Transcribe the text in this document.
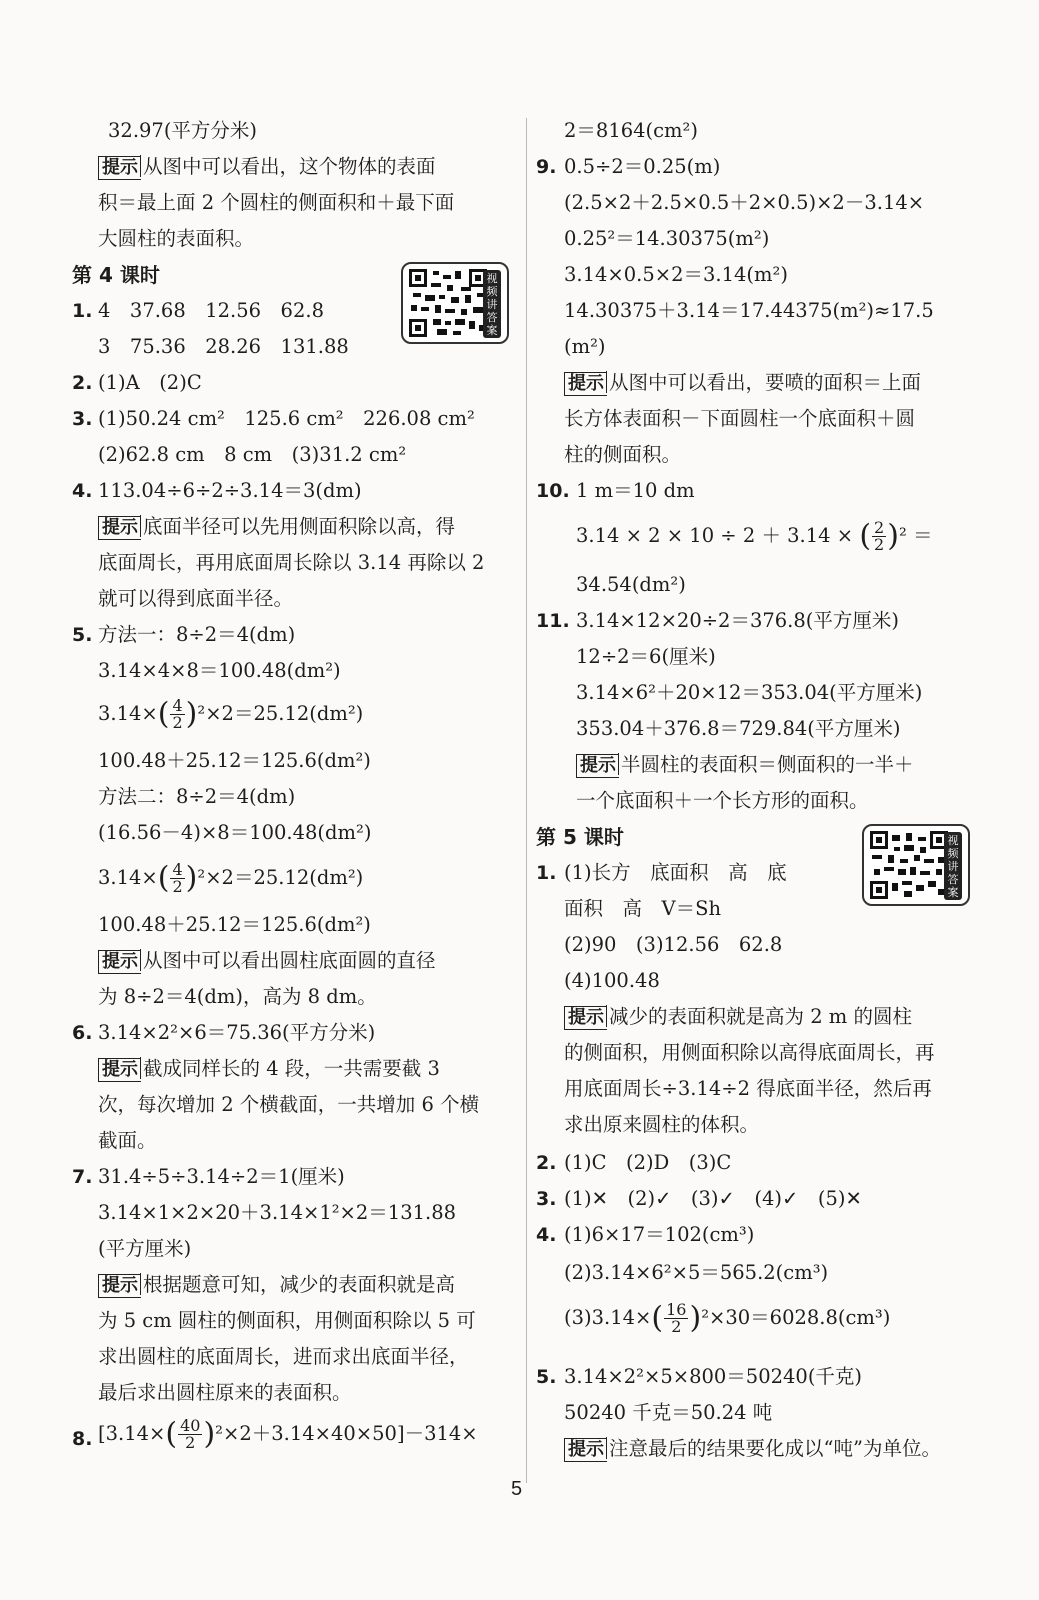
32.97(平方分米)
提示 从图中可以看出，这个物体的表面
积＝最上面 2 个圆柱的侧面积和＋最下面
大圆柱的表面积。
第 4 课时
1. 4　37.68　12.56　62.8
3　75.36　28.26　131.88
2. (1)A　(2)C
3. (1)50.24 cm²　125.6 cm²　226.08 cm²
(2)62.8 cm　8 cm　(3)31.2 cm²
4. 113.04÷6÷2÷3.14＝3(dm)
提示 底面半径可以先用侧面积除以高，得
底面周长，再用底面周长除以 3.14 再除以 2
就可以得到底面半径。
5. 方法一：8÷2＝4(dm)
3.14×4×8＝100.48(dm²)
$3.14\times( \frac{4}{2} )^2\times 2=25.12(dm^2)$
100.48＋25.12＝125.6(dm²)
方法二：8÷2＝4(dm)
(16.56－4)×8＝100.48(dm²)
$3.14\times( \frac{4}{2} )^2\times 2=25.12(dm^2)$
100.48＋25.12＝125.6(dm²)
提示 从图中可以看出圆柱底面圆的直径
为 8÷2＝4(dm)，高为 8 dm。
6. 3.14×2²×6＝75.36(平方分米)
提示 截成同样长的 4 段，一共需要截 3
次，每次增加 2 个横截面，一共增加 6 个横
截面。
7. 31.4÷5÷3.14÷2＝1(厘米)
3.14×1×2×20＋3.14×1²×2＝131.88
(平方厘米)
提示 根据题意可知，减少的表面积就是高
为 5 cm 圆柱的侧面积，用侧面积除以 5 可
求出圆柱的底面周长，进而求出底面半径，
最后求出圆柱原来的表面积。
8. $[3.14\times( \frac{40}{2} )^2\times 2+3.14\times 40\times 50]-314\times$
视频讲答案
2＝8164(cm²)
9. 0.5÷2＝0.25(m)
(2.5×2＋2.5×0.5＋2×0.5)×2－3.14×
0.25²＝14.30375(m²)
3.14×0.5×2＝3.14(m²)
14.30375＋3.14＝17.44375(m²)≈17.5
(m²)
提示 从图中可以看出，要喷的面积＝上面
长方体表面积－下面圆柱一个底面积＋圆
柱的侧面积。
10. 1 m＝10 dm
3.14 × 2 × 10 ÷ 2 ＋ 3.14 × ( $\frac{2}{2} )^2$ ＝
34.54(dm²)
11. 3.14×12×20÷2＝376.8(平方厘米)
12÷2＝6(厘米)
3.14×6²＋20×12＝353.04(平方厘米)
353.04＋376.8＝729.84(平方厘米)
提示 半圆柱的表面积＝侧面积的一半＋
一个底面积＋一个长方形的面积。
第 5 课时
1. (1)长方　底面积　高　底
面积　高　V＝Sh
(2)90　(3)12.56　62.8
(4)100.48
提示 减少的表面积就是高为 2 m 的圆柱
的侧面积，用侧面积除以高得底面周长，再
用底面周长÷3.14÷2 得底面半径，然后再
求出原来圆柱的体积。
2. (1)C　(2)D　(3)C
3. (1)✕　(2)✓　(3)✓　(4)✓　(5)✕
4. (1)6×17＝102(cm³)
(2)3.14×6²×5＝565.2(cm³)
$(3)3.14\times( \frac{16}{2} )^2\times 30=6028.8(cm^3)$
5. 3.14×2²×5×800＝50240(千克)
50240 千克＝50.24 吨
提示 注意最后的结果要化成以“吨”为单位。
视频讲答案
5
